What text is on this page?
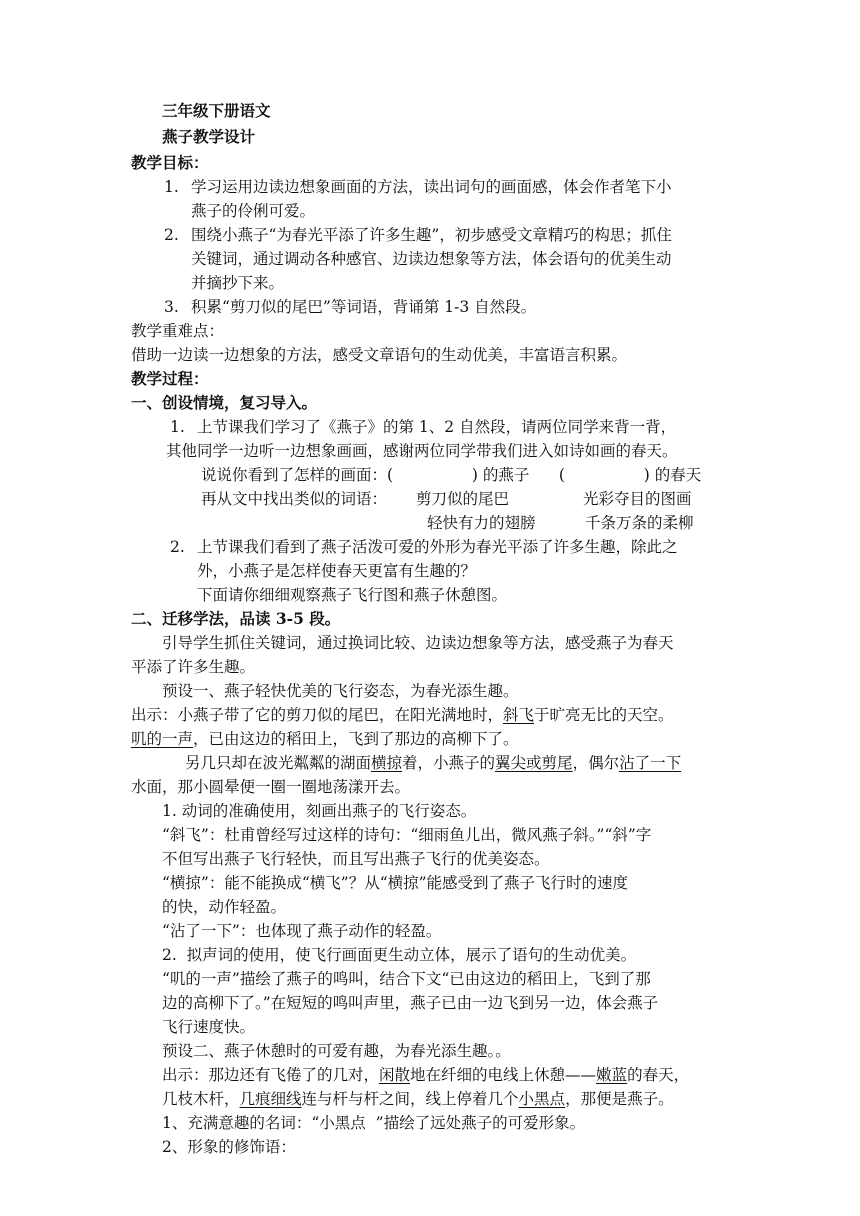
三年级下册语文
燕子教学设计
教学目标：
1. 学习运用边读边想象画面的方法，读出词句的画面感，体会作者笔下小
燕子的伶俐可爱。
2. 围绕小燕子“为春光平添了许多生趣”，初步感受文章精巧的构思；抓住
关键词，通过调动各种感官、边读边想象等方法，体会语句的优美生动
并摘抄下来。
3. 积累“剪刀似的尾巴”等词语，背诵第 1-3 自然段。
教学重难点：
借助一边读一边想象的方法，感受文章语句的生动优美，丰富语言积累。
教学过程：
一、创设情境，复习导入。
1. 上节课我们学习了《燕子》的第 1、2 自然段，请两位同学来背一背，
其他同学一边听一边想象画画，感谢两位同学带我们进入如诗如画的春天。
说说你看到了怎样的画面：(                ) 的燕子      (                ) 的春天
再从文中找出类似的词语： 剪刀似的尾巴	光彩夺目的图画
轻快有力的翅膀	千条万条的柔柳
2. 上节课我们看到了燕子活泼可爱的外形为春光平添了许多生趣，除此之
外，小燕子是怎样使春天更富有生趣的？
下面请你细细观察燕子飞行图和燕子休憩图。
二、迁移学法，品读 3-5 段。
引导学生抓住关键词，通过换词比较、边读边想象等方法，感受燕子为春天
平添了许多生趣。
预设一、燕子轻快优美的飞行姿态，为春光添生趣。
出示：小燕子带了它的剪刀似的尾巴，在阳光满地时，斜飞于旷亮无比的天空。
叽的一声，已由这边的稻田上，飞到了那边的高柳下了。
另几只却在波光粼粼的湖面横掠着，小燕子的翼尖或剪尾，偶尔沾了一下
水面，那小圆晕便一圈一圈地荡漾开去。
1. 动词的准确使用，刻画出燕子的飞行姿态。
“斜飞”：杜甫曾经写过这样的诗句：“细雨鱼儿出，微风燕子斜。”“斜”字
不但写出燕子飞行轻快，而且写出燕子飞行的优美姿态。
“横掠”：能不能换成“横飞”？从“横掠”能感受到了燕子飞行时的速度
的快，动作轻盈。
“沾了一下”：也体现了燕子动作的轻盈。
2.  拟声词的使用，使飞行画面更生动立体，展示了语句的生动优美。
“叽的一声”描绘了燕子的鸣叫，结合下文“已由这边的稻田上，飞到了那
边的高柳下了。”在短短的鸣叫声里，燕子已由一边飞到另一边，体会燕子
飞行速度快。
预设二、燕子休憩时的可爱有趣，为春光添生趣。。
出示：那边还有飞倦了的几对，闲散地在纤细的电线上休憩——嫩蓝的春天，
几枝木杆，几痕细线连与杆与杆之间，线上停着几个小黑点，那便是燕子。
1、充满意趣的名词：“小黑点  ”描绘了远处燕子的可爱形象。
2、形象的修饰语：
